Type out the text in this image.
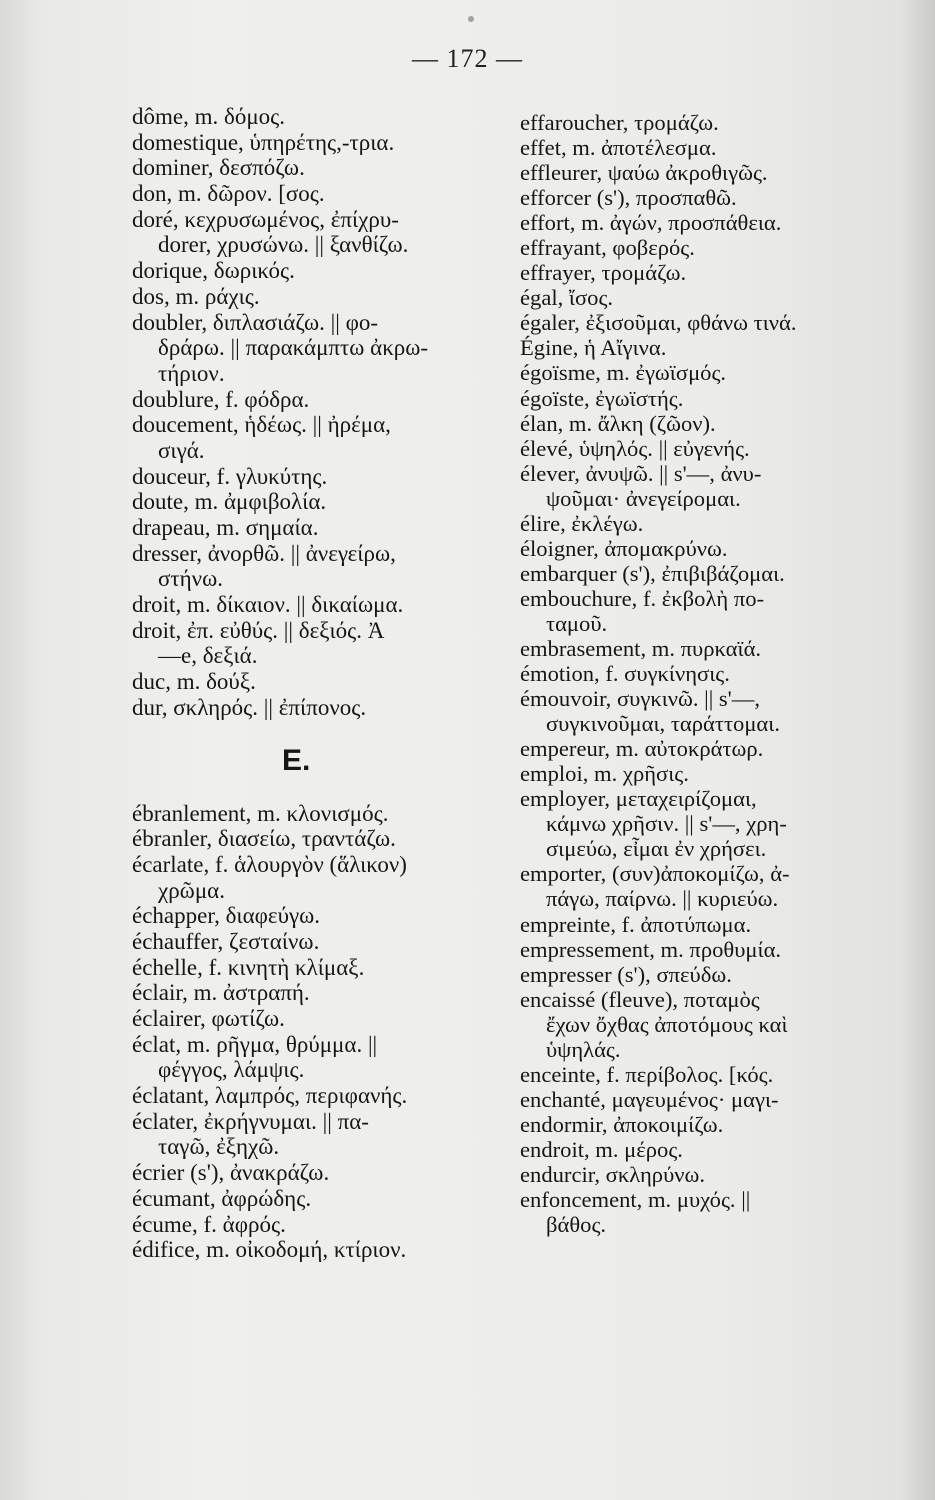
— 172 —
dôme, m. δόμος.
domestique, ὑπηρέτης,-τρια.
dominer, δεσπόζω.
don, m. δῶρον. [σος.
doré, κεχρυσωμένος, ἐπίχρυ-
dorer, χρυσώνω. || ξανθίζω.
dorique, δωρικός.
dos, m. ράχις.
doubler, διπλασιάζω. || φο-
δράρω. || παρακάμπτω ἀκρω-
τήριον.
doublure, f. φόδρα.
doucement, ἡδέως. || ἠρέμα,
σιγά.
douceur, f. γλυκύτης.
doute, m. ἀμφιβολία.
drapeau, m. σημαία.
dresser, ἀνορθῶ. || ἀνεγείρω,
στήνω.
droit, m. δίκαιον. || δικαίωμα.
droit, ἐπ. εὐθύς. || δεξιός. Ἀ
—e, δεξιά.
duc, m. δούξ.
dur, σκληρός. || ἐπίπονος.
E.
ébranlement, m. κλονισμός.
ébranler, διασείω, τραντάζω.
écarlate, f. ἁλουργὸν (ἅλικον)
χρῶμα.
échapper, διαφεύγω.
échauffer, ζεσταίνω.
échelle, f. κινητὴ κλίμαξ.
éclair, m. ἀστραπή.
éclairer, φωτίζω.
éclat, m. ρῆγμα, θρύμμα. ||
φέγγος, λάμψις.
éclatant, λαμπρός, περιφανής.
éclater, ἐκρήγνυμαι. || πα-
ταγῶ, ἐξηχῶ.
écrier (s'), ἀνακράζω.
écumant, ἀφρώδης.
écume, f. ἀφρός.
édifice, m. οἰκοδομή, κτίριον.
effaroucher, τρομάζω.
effet, m. ἀποτέλεσμα.
effleurer, ψαύω ἀκροθιγῶς.
efforcer (s'), προσπαθῶ.
effort, m. ἀγών, προσπάθεια.
effrayant, φοβερός.
effrayer, τρομάζω.
égal, ἴσος.
égaler, ἐξισοῦμαι, φθάνω τινά.
Égine, ἡ Αἴγινα.
égoïsme, m. ἐγωϊσμός.
égoïste, ἐγωϊστής.
élan, m. ἄλκη (ζῶον).
élevé, ὑψηλός. || εὐγενής.
élever, ἀνυψῶ. || s'—, ἀνυ-
ψοῦμαι· ἀνεγείρομαι.
élire, ἐκλέγω.
éloigner, ἀπομακρύνω.
embarquer (s'), ἐπιβιβάζομαι.
embouchure, f. ἐκβολὴ πο-
ταμοῦ.
embrasement, m. πυρκαϊά.
émotion, f. συγκίνησις.
émouvoir, συγκινῶ. || s'—,
συγκινοῦμαι, ταράττομαι.
empereur, m. αὐτοκράτωρ.
emploi, m. χρῆσις.
employer, μεταχειρίζομαι,
κάμνω χρῆσιν. || s'—, χρη-
σιμεύω, εἶμαι ἐν χρήσει.
emporter, (συν)ἀποκομίζω, ἀ-
πάγω, παίρνω. || κυριεύω.
empreinte, f. ἀποτύπωμα.
empressement, m. προθυμία.
empresser (s'), σπεύδω.
encaissé (fleuve), ποταμὸς
ἔχων ὄχθας ἀποτόμους καὶ
ὑψηλάς.
enceinte, f. περίβολος. [κός.
enchanté, μαγευμένος· μαγι-
endormir, ἀποκοιμίζω.
endroit, m. μέρος.
endurcir, σκληρύνω.
enfoncement, m. μυχός. ||
βάθος.
